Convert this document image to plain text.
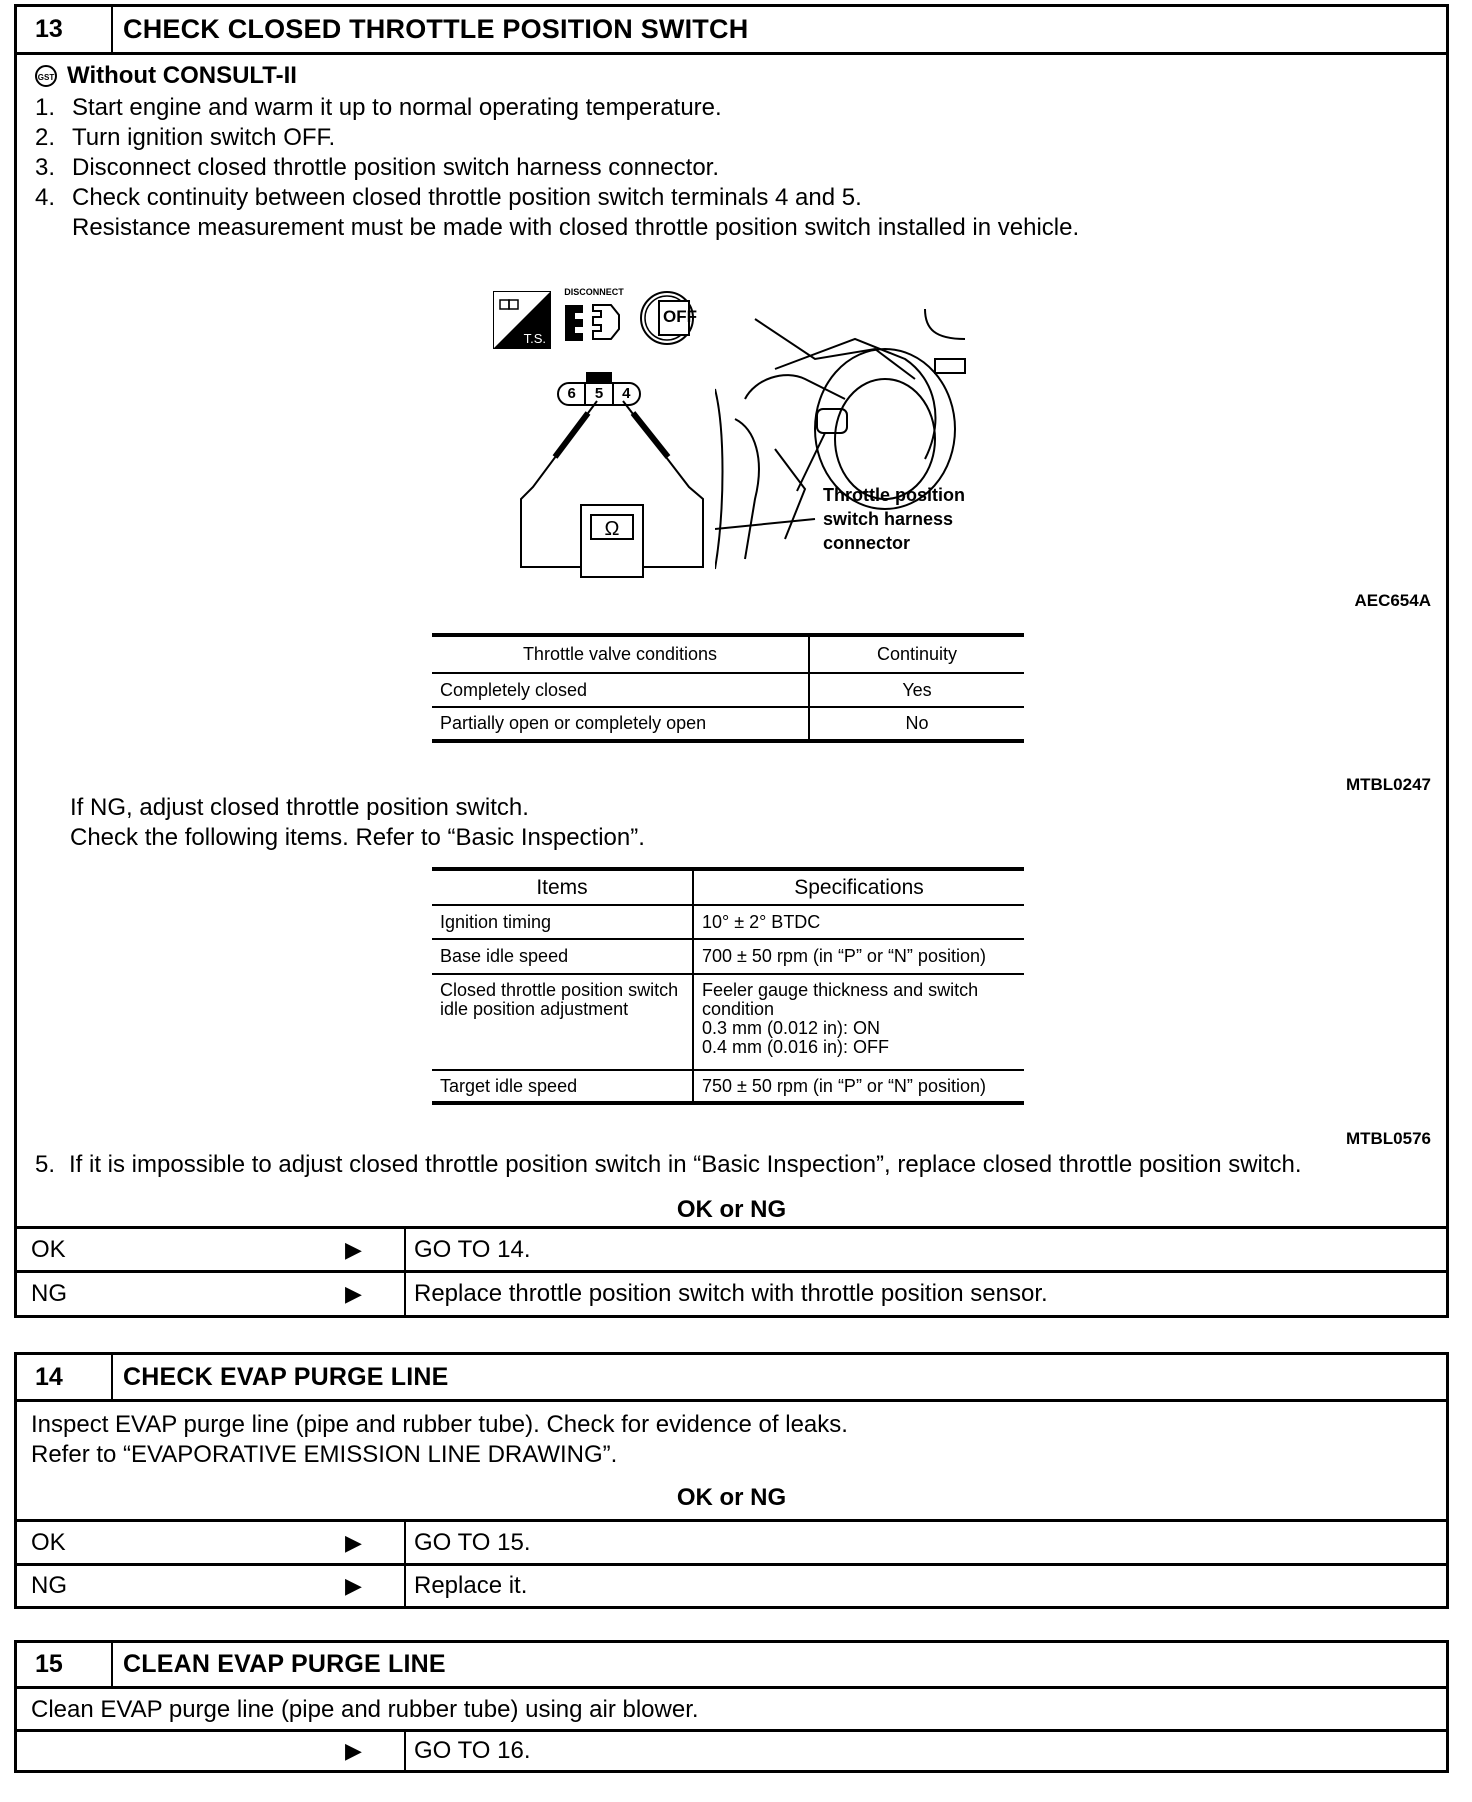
13	CHECK CLOSED THROTTLE POSITION SWITCH
GST Without CONSULT-II
1. Start engine and warm it up to normal operating temperature.
2. Turn ignition switch OFF.
3. Disconnect closed throttle position switch harness connector.
4. Check continuity between closed throttle position switch terminals 4 and 5.
Resistance measurement must be made with closed throttle position switch installed in vehicle.
T.S.
DISCONNECT
OFF
6	5	4
Ω
Throttle position
switch harness
connector
AEC654A
Throttle valve conditions	Continuity
Completely closed	Yes
Partially open or completely open	No
MTBL0247
If NG, adjust closed throttle position switch.
Check the following items. Refer to “Basic Inspection”.
Items	Specifications
Ignition timing	10° ± 2° BTDC
Base idle speed	700 ± 50 rpm (in “P” or “N” position)
Closed throttle position switch idle position adjustment	Feeler gauge thickness and switch condition
0.3 mm (0.012 in): ON
0.4 mm (0.016 in): OFF

Target idle speed	750 ± 50 rpm (in “P” or “N” position)
MTBL0576
5. If it is impossible to adjust closed throttle position switch in “Basic Inspection”, replace closed throttle position switch.
OK or NG
OK	▶	GO TO 14.
NG	▶	Replace throttle position switch with throttle position sensor.
14	CHECK EVAP PURGE LINE
Inspect EVAP purge line (pipe and rubber tube). Check for evidence of leaks.
Refer to “EVAPORATIVE EMISSION LINE DRAWING”.
OK or NG
OK	▶	GO TO 15.
NG	▶	Replace it.
15	CLEAN EVAP PURGE LINE
Clean EVAP purge line (pipe and rubber tube) using air blower.
▶	GO TO 16.
